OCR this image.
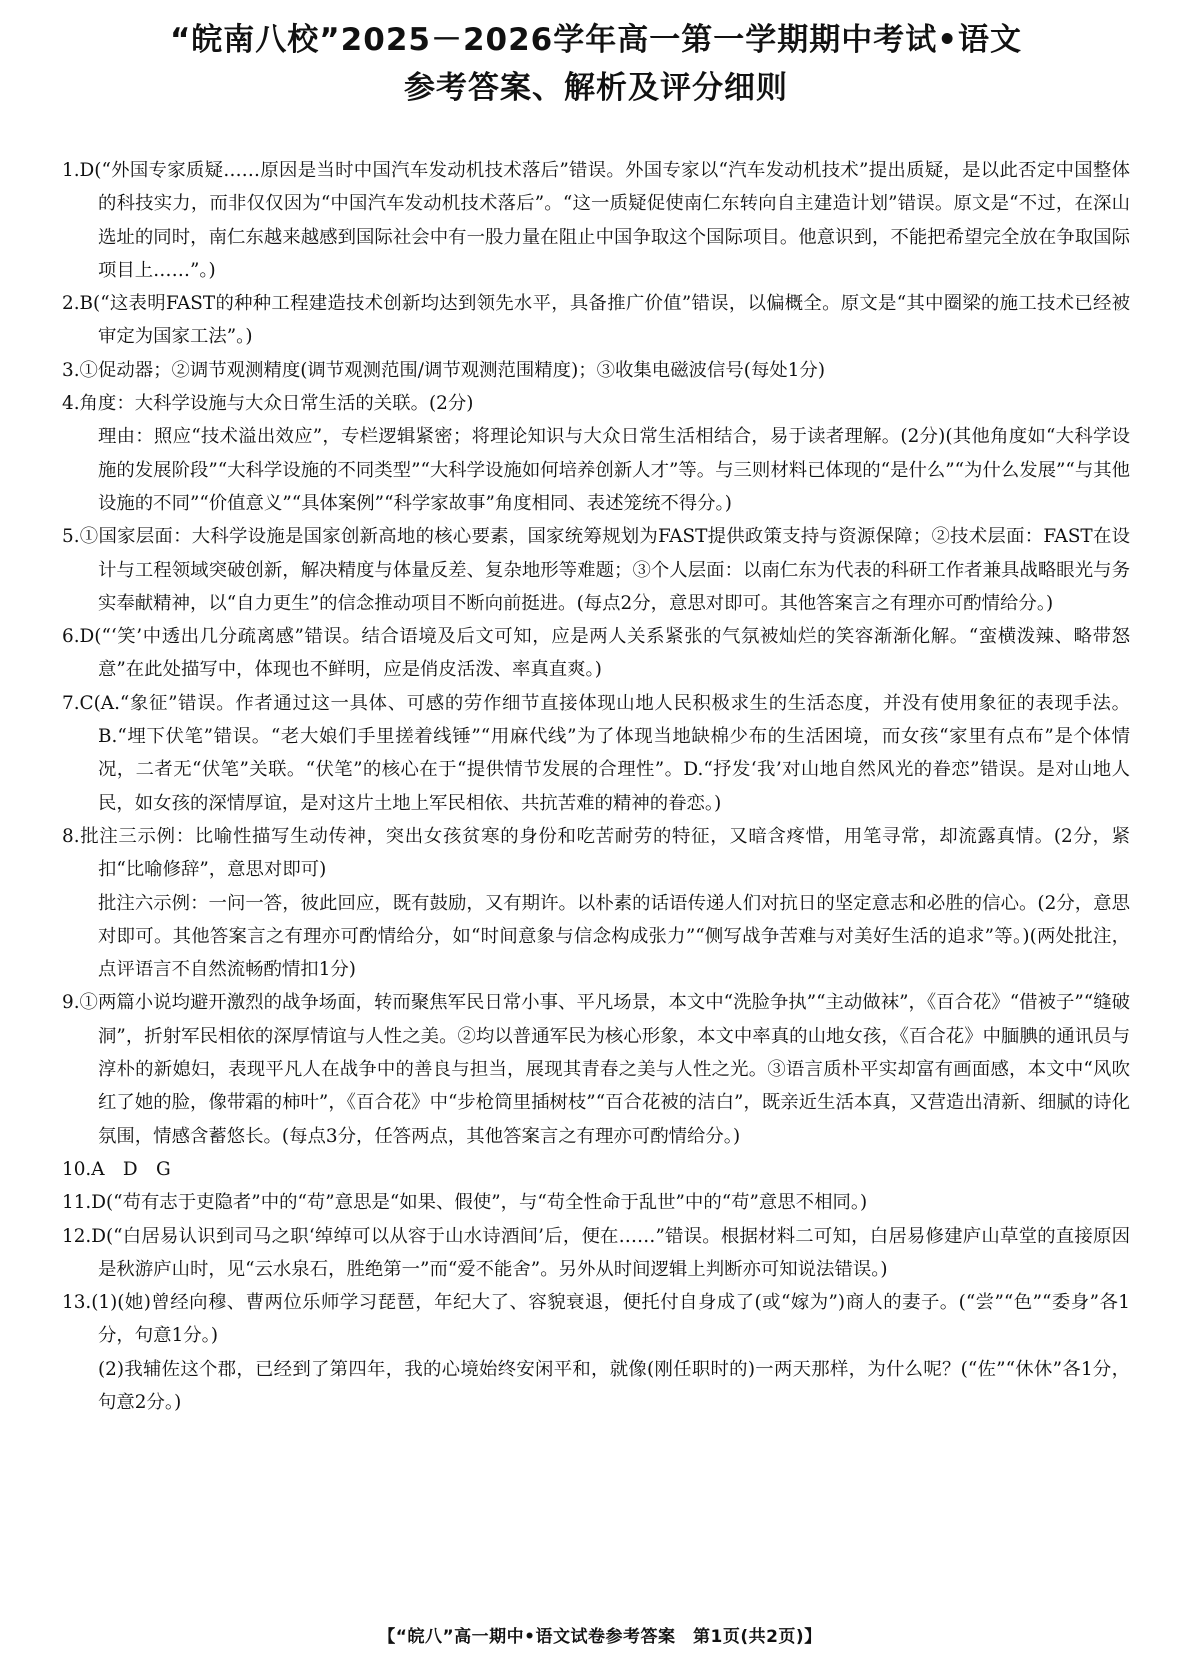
“皖南八校”2025－2026学年高一第一学期期中考试•语文
参考答案、解析及评分细则
1.D(“外国专家质疑……原因是当时中国汽车发动机技术落后”错误。外国专家以“汽车发动机技术”提出质疑，是以此否定中国整体的科技实力，而非仅仅因为“中国汽车发动机技术落后”。“这一质疑促使南仁东转向自主建造计划”错误。原文是“不过，在深山选址的同时，南仁东越来越感到国际社会中有一股力量在阻止中国争取这个国际项目。他意识到，不能把希望完全放在争取国际项目上……”。)
2.B(“这表明FAST的种种工程建造技术创新均达到领先水平，具备推广价值”错误，以偏概全。原文是“其中圈梁的施工技术已经被审定为国家工法”。)
3.①促动器；②调节观测精度(调节观测范围/调节观测范围精度)；③收集电磁波信号(每处1分)
4.角度：大科学设施与大众日常生活的关联。(2分)
理由：照应“技术溢出效应”，专栏逻辑紧密；将理论知识与大众日常生活相结合，易于读者理解。(2分)(其他角度如“大科学设施的发展阶段”“大科学设施的不同类型”“大科学设施如何培养创新人才”等。与三则材料已体现的“是什么”“为什么发展”“与其他设施的不同”“价值意义”“具体案例”“科学家故事”角度相同、表述笼统不得分。)
5.①国家层面：大科学设施是国家创新高地的核心要素，国家统筹规划为FAST提供政策支持与资源保障；②技术层面：FAST在设计与工程领域突破创新，解决精度与体量反差、复杂地形等难题；③个人层面：以南仁东为代表的科研工作者兼具战略眼光与务实奉献精神，以“自力更生”的信念推动项目不断向前挺进。(每点2分，意思对即可。其他答案言之有理亦可酌情给分。)
6.D(“‘笑’中透出几分疏离感”错误。结合语境及后文可知，应是两人关系紧张的气氛被灿烂的笑容渐渐化解。“蛮横泼辣、略带怒意”在此处描写中，体现也不鲜明，应是俏皮活泼、率真直爽。)
7.C(A.“象征”错误。作者通过这一具体、可感的劳作细节直接体现山地人民积极求生的生活态度，并没有使用象征的表现手法。B.“埋下伏笔”错误。“老大娘们手里搓着线锤”“用麻代线”为了体现当地缺棉少布的生活困境，而女孩“家里有点布”是个体情况，二者无“伏笔”关联。“伏笔”的核心在于“提供情节发展的合理性”。D.“抒发‘我’对山地自然风光的眷恋”错误。是对山地人民，如女孩的深情厚谊，是对这片土地上军民相依、共抗苦难的精神的眷恋。)
8.批注三示例：比喻性描写生动传神，突出女孩贫寒的身份和吃苦耐劳的特征，又暗含疼惜，用笔寻常，却流露真情。(2分，紧扣“比喻修辞”，意思对即可)
批注六示例：一问一答，彼此回应，既有鼓励，又有期许。以朴素的话语传递人们对抗日的坚定意志和必胜的信心。(2分，意思对即可。其他答案言之有理亦可酌情给分，如“时间意象与信念构成张力”“侧写战争苦难与对美好生活的追求”等。)(两处批注，点评语言不自然流畅酌情扣1分)
9.①两篇小说均避开激烈的战争场面，转而聚焦军民日常小事、平凡场景，本文中“洗脸争执”“主动做袜”，《百合花》“借被子”“缝破洞”，折射军民相依的深厚情谊与人性之美。②均以普通军民为核心形象，本文中率真的山地女孩，《百合花》中腼腆的通讯员与淳朴的新媳妇，表现平凡人在战争中的善良与担当，展现其青春之美与人性之光。③语言质朴平实却富有画面感，本文中“风吹红了她的脸，像带霜的柿叶”，《百合花》中“步枪筒里插树枝”“百合花被的洁白”，既亲近生活本真，又营造出清新、细腻的诗化氛围，情感含蓄悠长。(每点3分，任答两点，其他答案言之有理亦可酌情给分。)
10.A　D　G
11.D(“苟有志于吏隐者”中的“苟”意思是“如果、假使”，与“苟全性命于乱世”中的“苟”意思不相同。)
12.D(“白居易认识到司马之职‘绰绰可以从容于山水诗酒间’后，便在……”错误。根据材料二可知，白居易修建庐山草堂的直接原因是秋游庐山时，见“云水泉石，胜绝第一”而“爱不能舍”。另外从时间逻辑上判断亦可知说法错误。)
13.(1)(她)曾经向穆、曹两位乐师学习琵琶，年纪大了、容貌衰退，便托付自身成了(或“嫁为”)商人的妻子。(“尝”“色”“委身”各1分，句意1分。)
(2)我辅佐这个郡，已经到了第四年，我的心境始终安闲平和，就像(刚任职时的)一两天那样，为什么呢？(“佐”“休休”各1分，句意2分。)
【“皖八”高一期中•语文试卷参考答案　第1页(共2页)】
